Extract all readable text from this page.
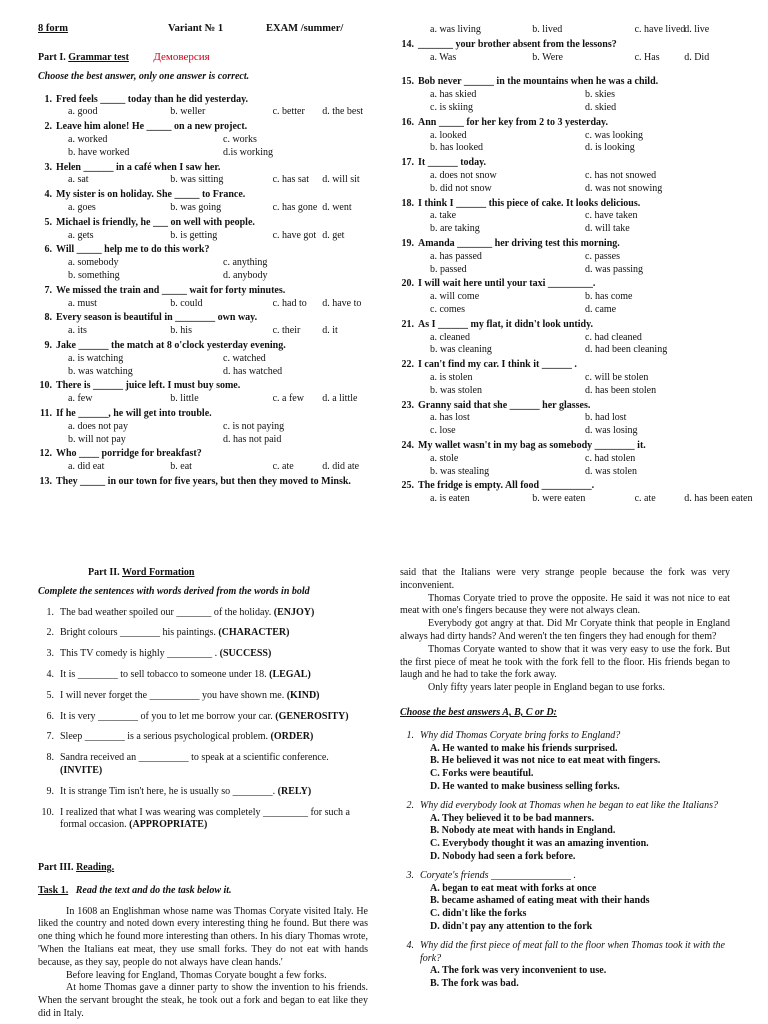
8 form	Variant № 1	EXAM /summer/
Part I. Grammar test Демоверсия
Choose the best answer, only one answer is correct.
1. Fred feels _____ today than he did yesterday.
a. good	b. weller	c. better	d. the best
2. Leave him alone! He _____ on a new project.
a. worked	c. works
b. have worked	d.is working
3. Helen ______ in a café when I saw her.
a. sat	b. was sitting	c. has sat	d. will sit
4. My sister is on holiday. She _____ to France.
a. goes	b. was going	c. has gone d. went
5. Michael is friendly, he ___ on well with people.
a. gets	b. is getting	c. have got d. get
6. Will _____ help me to do this work?
a. somebody	c. anything
b. something	d. anybody
7. We missed the train and _____ wait for forty minutes.
a. must	b. could	c. had to	d. have to
8. Every season is beautiful in ________ own way.
a. its	b. his	c. their	d. it
9. Jake ______ the match at 8 o'clock yesterday evening.
a. is watching	c. watched
b. was watching	d. has watched
10. There is ______ juice left. I must buy some.
a. few	b. little	c. a few	d. a little
11. If he ______, he will get into trouble.
a. does not pay	c. is not paying
b. will not pay	d. has not paid
12. Who ____ porridge for breakfast?
a. did eat	b. eat	c. ate	d. did ate
13. They _____ in our town for five years, but then they moved to Minsk.
a. was living	b. lived	c. have lived
d. live
14. _______ your brother absent from the lessons?
a. Was	b. Were	c. Has	d. Did
15. Bob never ______ in the mountains when he was a child.
a. has skied	b. skies
c. is skiing	d. skied
16. Ann _____ for her key from 2 to 3 yesterday.
a. looked	c. was looking
b. has looked	d. is looking
17. It ______ today.
a. does not snow	c. has not snowed
b. did not snow	d. was not snowing
18. I think I ______ this piece of cake. It looks delicious.
a. take	c. have taken
b. are taking	d. will take
19. Amanda _______ her driving test this morning.
a. has passed	c. passes
b. passed	d. was passing
20. I will wait here until your taxi _________.
a. will come	b. has come
c. comes	d. came
21. As I ______ my flat, it didn't look untidy.
a. cleaned	c. had cleaned
b. was cleaning	d. had been cleaning
22. I can't find my car. I think it ______ .
a. is stolen	c. will be stolen
b. was stolen	d. has been stolen
23. Granny said that she ______ her glasses.
a. has lost	b. had lost
c. lose	d. was losing
24. My wallet wasn't in my bag as somebody ________ it.
a. stole	c. had stolen
b. was stealing	d. was stolen
25. The fridge is empty. All food __________.
a. is eaten	b. were eaten	c. ate	d. has been eaten
Part II. Word Formation
Complete the sentences with words derived from the words in bold
1. The bad weather spoiled our _______ of the holiday. (ENJOY)
2. Bright colours ________ his paintings. (CHARACTER)
3. This TV comedy is highly _________ . (SUCCESS)
4. It is ________ to sell tobacco to someone under 18. (LEGAL)
5. I will never forget the __________ you have shown me. (KIND)
6. It is very ________ of you to let me borrow your car. (GENEROSITY)
7. Sleep ________ is a serious psychological problem. (ORDER)
8. Sandra received an __________ to speak at a scientific conference. (INVITE)
9. It is strange Tim isn't here, he is usually so ________. (RELY)
10. I realized that what I was wearing was completely _________ for such a formal occasion. (APPROPRIATE)
Part III. Reading.
Task 1. Read the text and do the task below it.

In 1608 an Englishman whose name was Thomas Coryate visited Italy. He liked the country and noted down every interesting thing he found. But there was one thing which he found more interesting than others. In his diary Thomas wrote, 'When the Italians eat meat, they use small forks. They do not eat with hands because, as they say, people do not always have clean hands.'

Before leaving for England, Thomas Coryate bought a few forks.

At home Thomas gave a dinner party to show the invention to his friends. When the servant brought the steak, he took out a fork and began to eat like they did in Italy.

said that the Italians were very strange people because the fork was very inconvenient.

Thomas Coryate tried to prove the opposite. He said it was not nice to eat meat with one's fingers because they were not always clean.

Everybody got angry at that. Did Mr Coryate think that people in England always had dirty hands? And weren't the ten fingers they had enough for them?

Thomas Coryate wanted to show that it was very easy to use the fork. But the first piece of meat he took with the fork fell to the floor. His friends began to laugh and he had to take the fork away.

Only fifty years later people in England began to use forks.

Choose the best answers A, B, C or D:
1. Why did Thomas Coryate bring forks to England?
A. He wanted to make his friends surprised.
B. He believed it was not nice to eat meat with fingers.
C. Forks were beautiful.
D. He wanted to make business selling forks.
2. Why did everybody look at Thomas when he began to eat like the Italians?
A. They believed it to be bad manners.
B. Nobody ate meat with hands in England.
C. Everybody thought it was an amazing invention.
D. Nobody had seen a fork before.
3. Coryate's friends ________________ .
A. began to eat meat with forks at once
B. became ashamed of eating meat with their hands
C. didn't like the forks
D. didn't pay any attention to the fork
4. Why did the first piece of meat fall to the floor when Thomas took it with the fork?
A. The fork was very inconvenient to use.
B. The fork was bad.
